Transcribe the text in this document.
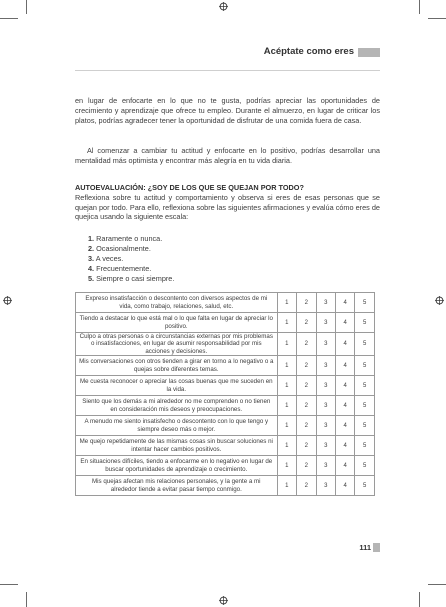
Acéptate como eres
en lugar de enfocarte en lo que no te gusta, podrías apreciar las oportunidades de crecimiento y aprendizaje que ofrece tu empleo. Durante el almuerzo, en lugar de criticar los platos, podrías agradecer tener la oportunidad de disfrutar de una comida fuera de casa.
Al comenzar a cambiar tu actitud y enfocarte en lo positivo, podrías desarrollar una mentalidad más optimista y encontrar más alegría en tu vida diaria.
AUTOEVALUACIÓN: ¿SOY DE LOS QUE SE QUEJAN POR TODO?
Reflexiona sobre tu actitud y comportamiento y observa si eres de esas personas que se quejan por todo. Para ello, reflexiona sobre las siguientes afirmaciones y evalúa cómo eres de quejica usando la siguiente escala:
1. Raramente o nunca.
2. Ocasionalmente.
3. A veces.
4. Frecuentemente.
5. Siempre o casi siempre.
Expreso insatisfacción o descontento con diversos aspectos de mi vida, como trabajo, relaciones, salud, etc.	1	2	3	4	5
Tiendo a destacar lo que está mal o lo que falta en lugar de apreciar lo positivo.	1	2	3	4	5
Culpo a otras personas o a circunstancias externas por mis problemas o insatisfacciones, en lugar de asumir responsabilidad por mis acciones y decisiones.	1	2	3	4	5
Mis conversaciones con otros tienden a girar en torno a lo negativo o a quejas sobre diferentes temas.	1	2	3	4	5
Me cuesta reconocer o apreciar las cosas buenas que me suceden en la vida.	1	2	3	4	5
Siento que los demás a mi alrededor no me comprenden o no tienen en consideración mis deseos y preocupaciones.	1	2	3	4	5
A menudo me siento insatisfecho o descontento con lo que tengo y siempre deseo más o mejor.	1	2	3	4	5
Me quejo repetidamente de las mismas cosas sin buscar soluciones ni intentar hacer cambios positivos.	1	2	3	4	5
En situaciones difíciles, tiendo a enfocarme en lo negativo en lugar de buscar oportunidades de aprendizaje o crecimiento.	1	2	3	4	5
Mis quejas afectan mis relaciones personales, y la gente a mi alrededor tiende a evitar pasar tiempo conmigo.	1	2	3	4	5
111
